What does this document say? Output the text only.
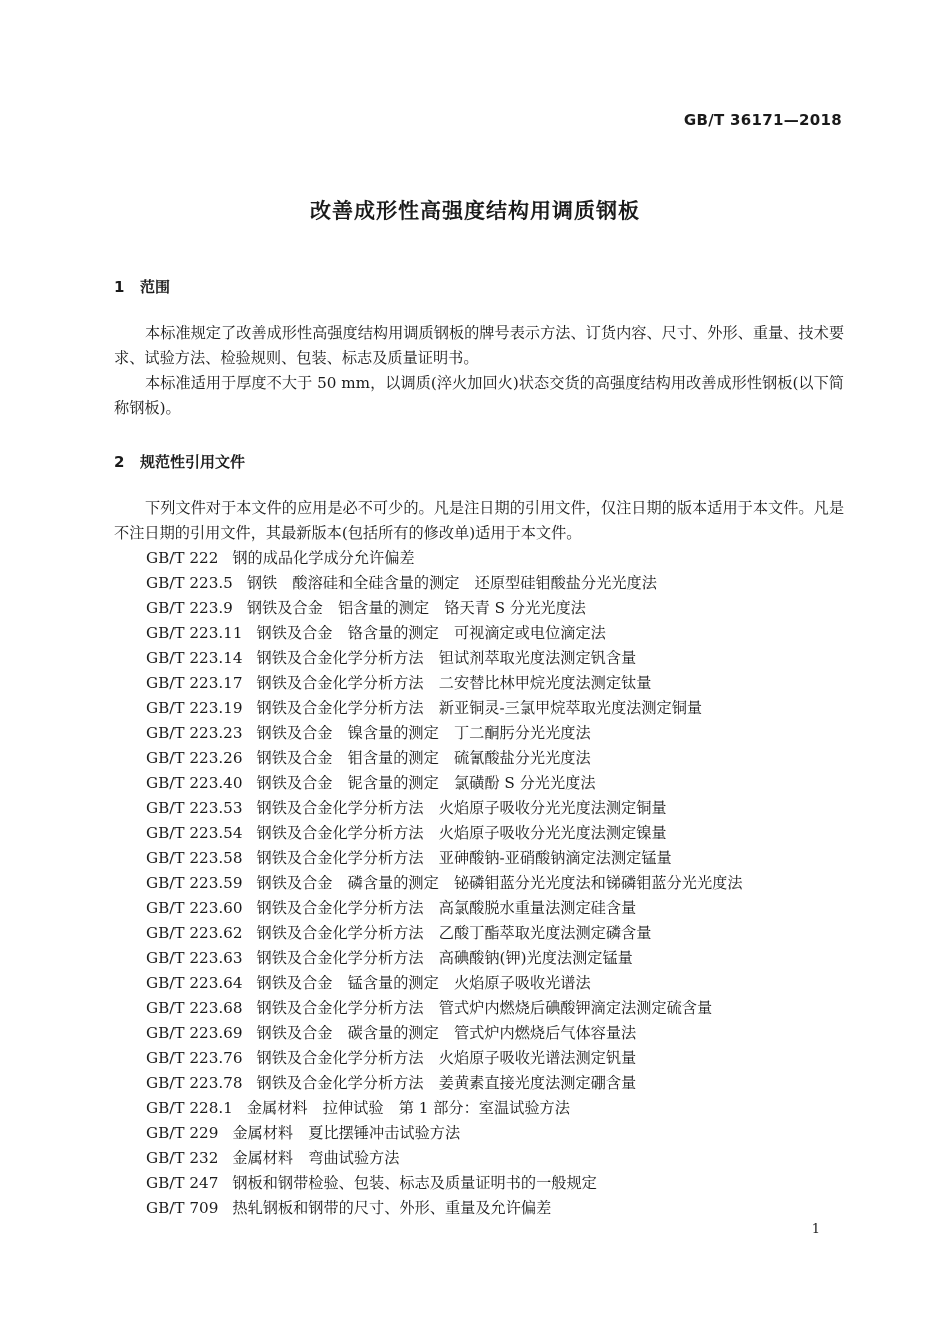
GB/T 36171—2018
改善成形性高强度结构用调质钢板
1 范围
本标准规定了改善成形性高强度结构用调质钢板的牌号表示方法、订货内容、尺寸、外形、重量、技术要求、试验方法、检验规则、包装、标志及质量证明书。
本标准适用于厚度不大于 50 mm，以调质(淬火加回火)状态交货的高强度结构用改善成形性钢板(以下简称钢板)。
2 规范性引用文件
下列文件对于本文件的应用是必不可少的。凡是注日期的引用文件，仅注日期的版本适用于本文件。凡是不注日期的引用文件，其最新版本(包括所有的修改单)适用于本文件。
GB/T 222 钢的成品化学成分允许偏差
GB/T 223.5 钢铁　酸溶硅和全硅含量的测定　还原型硅钼酸盐分光光度法
GB/T 223.9 钢铁及合金　铝含量的测定　铬天青 S 分光光度法
GB/T 223.11 钢铁及合金　铬含量的测定　可视滴定或电位滴定法
GB/T 223.14 钢铁及合金化学分析方法　钽试剂萃取光度法测定钒含量
GB/T 223.17 钢铁及合金化学分析方法　二安替比林甲烷光度法测定钛量
GB/T 223.19 钢铁及合金化学分析方法　新亚铜灵-三氯甲烷萃取光度法测定铜量
GB/T 223.23 钢铁及合金　镍含量的测定　丁二酮肟分光光度法
GB/T 223.26 钢铁及合金　钼含量的测定　硫氰酸盐分光光度法
GB/T 223.40 钢铁及合金　铌含量的测定　氯磺酚 S 分光光度法
GB/T 223.53 钢铁及合金化学分析方法　火焰原子吸收分光光度法测定铜量
GB/T 223.54 钢铁及合金化学分析方法　火焰原子吸收分光光度法测定镍量
GB/T 223.58 钢铁及合金化学分析方法　亚砷酸钠-亚硝酸钠滴定法测定锰量
GB/T 223.59 钢铁及合金　磷含量的测定　铋磷钼蓝分光光度法和锑磷钼蓝分光光度法
GB/T 223.60 钢铁及合金化学分析方法　高氯酸脱水重量法测定硅含量
GB/T 223.62 钢铁及合金化学分析方法　乙酸丁酯萃取光度法测定磷含量
GB/T 223.63 钢铁及合金化学分析方法　高碘酸钠(钾)光度法测定锰量
GB/T 223.64 钢铁及合金　锰含量的测定　火焰原子吸收光谱法
GB/T 223.68 钢铁及合金化学分析方法　管式炉内燃烧后碘酸钾滴定法测定硫含量
GB/T 223.69 钢铁及合金　碳含量的测定　管式炉内燃烧后气体容量法
GB/T 223.76 钢铁及合金化学分析方法　火焰原子吸收光谱法测定钒量
GB/T 223.78 钢铁及合金化学分析方法　姜黄素直接光度法测定硼含量
GB/T 228.1 金属材料　拉伸试验　第 1 部分：室温试验方法
GB/T 229 金属材料　夏比摆锤冲击试验方法
GB/T 232 金属材料　弯曲试验方法
GB/T 247 钢板和钢带检验、包装、标志及质量证明书的一般规定
GB/T 709 热轧钢板和钢带的尺寸、外形、重量及允许偏差
1
